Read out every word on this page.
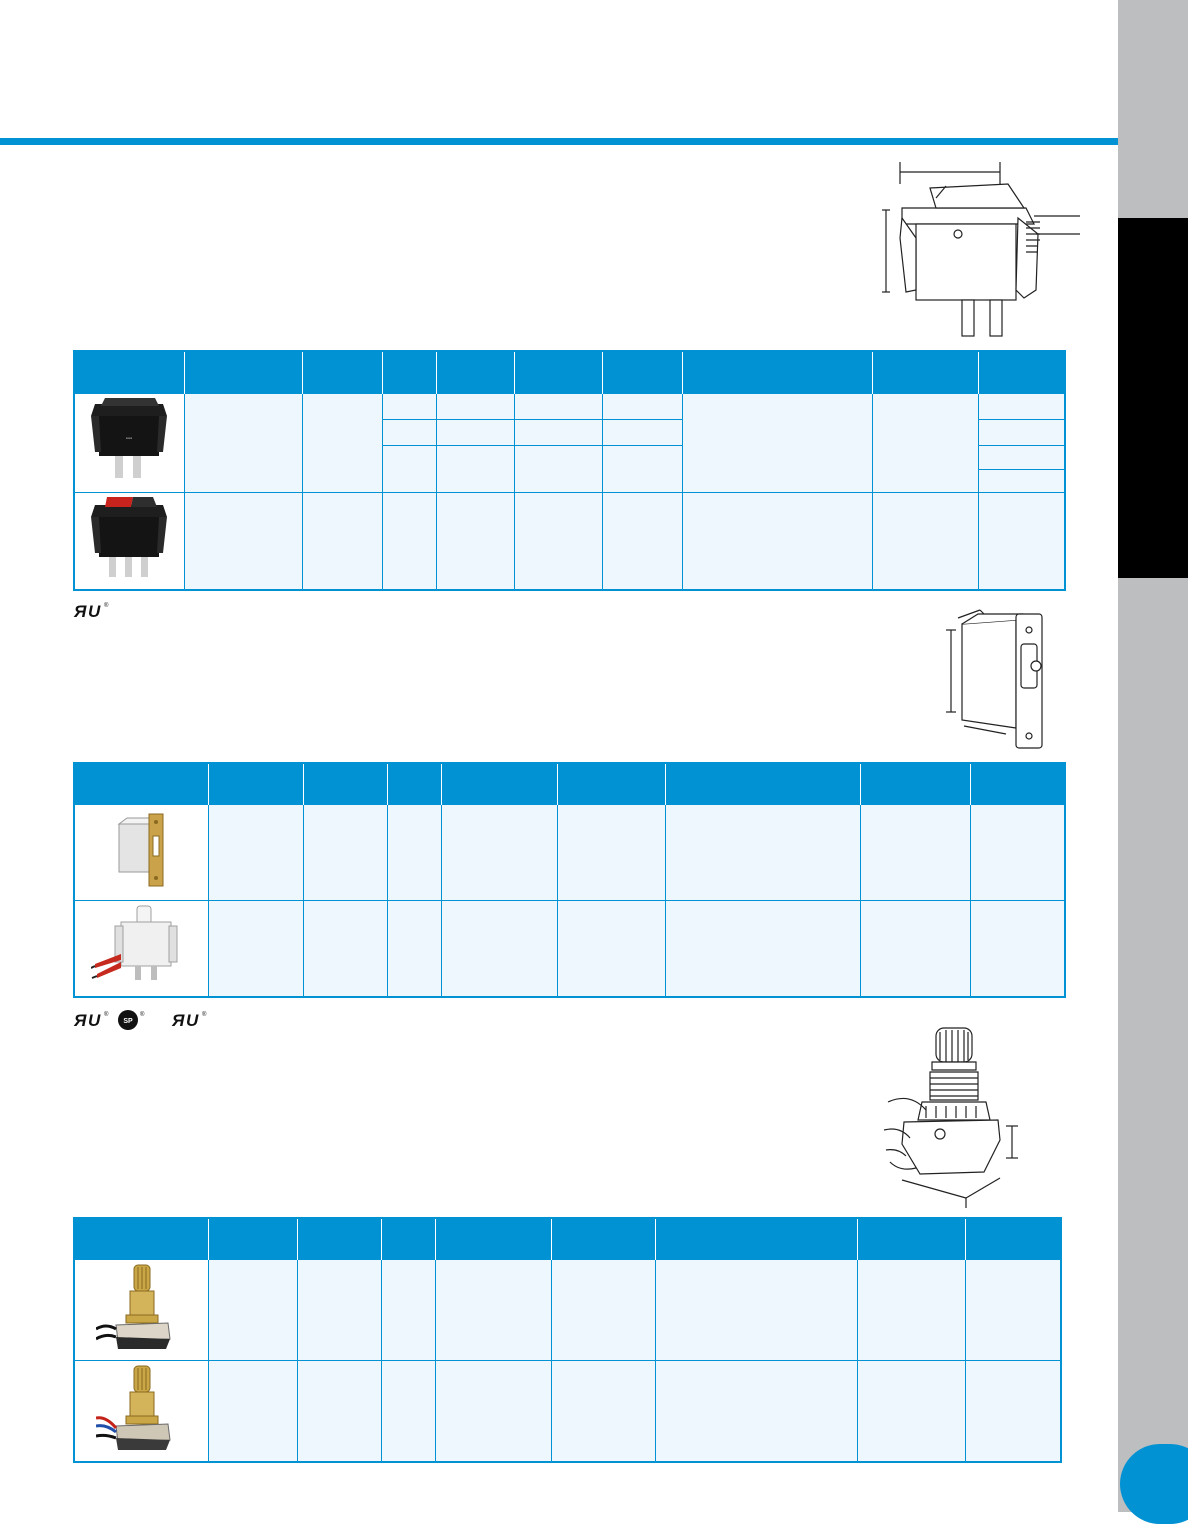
▪▪▪									

Я U ®

Я U ®
SP
® Я U ®
